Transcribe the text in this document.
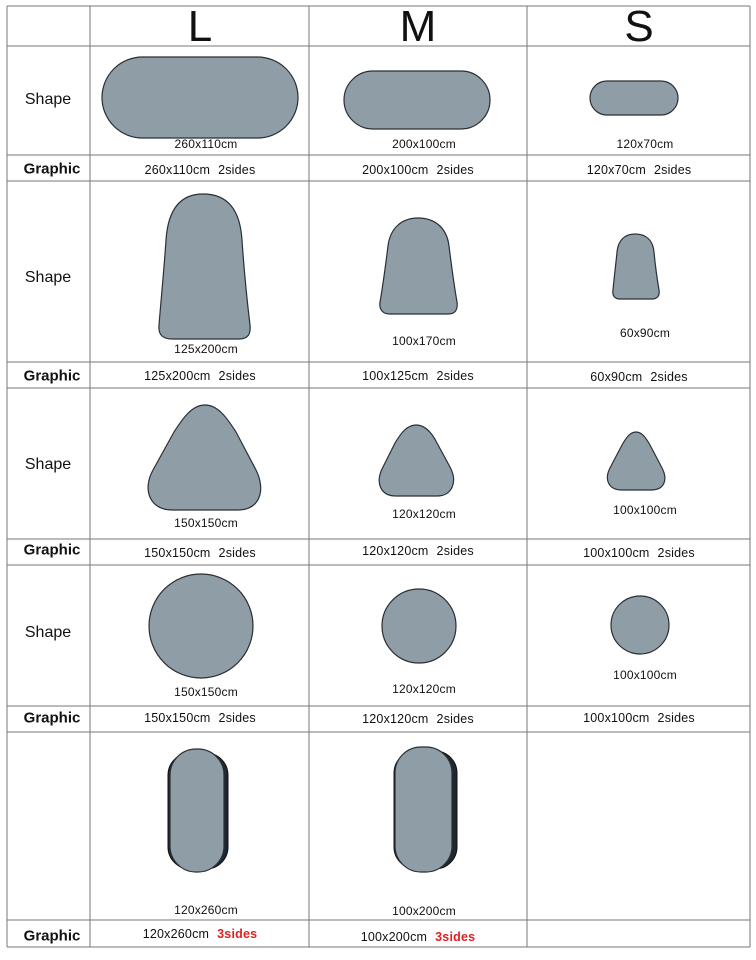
L	M	S
Shape
Graphic
260x110cm
260x110cm 2sides
200x100cm
200x100cm 2sides
120x70cm
120x70cm 2sides
Shape
Graphic
125x200cm
125x200cm 2sides
100x170cm
100x125cm 2sides
60x90cm
60x90cm 2sides
Shape
Graphic
150x150cm
150x150cm 2sides
120x120cm
120x120cm 2sides
100x100cm
100x100cm 2sides
Shape
Graphic
150x150cm
150x150cm 2sides
120x120cm
120x120cm 2sides
100x100cm
100x100cm 2sides
Graphic
120x260cm
120x260cm 3sides
100x200cm
100x200cm 3sides
